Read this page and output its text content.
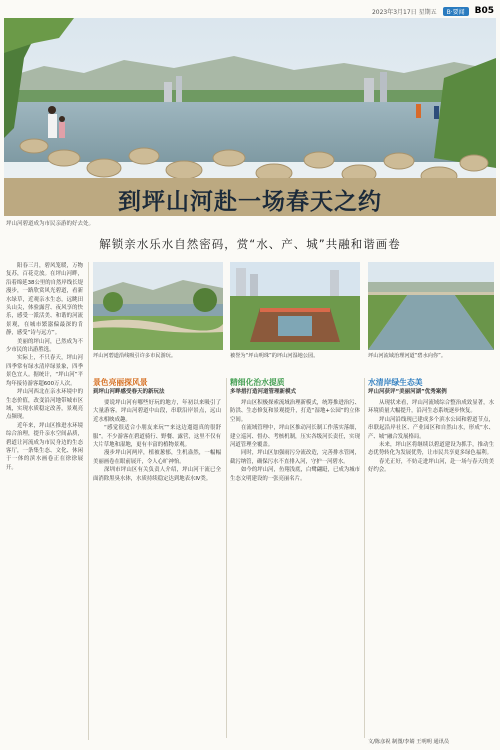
2023年3月17日 星期五	B·要闻	B05
坪山河碧道成为市民亲游的好去处。
到坪山河赴一场春天之约
解锁亲水乐水自然密码，赏“水、产、城”共融和谐画卷

阳春三月，碧风笼暖，万物复苏，百花竞放。在坪山河畔，沿着绵延38公里的自然岸线长堤漫步，一路欣赏风光碧道，看新水绿草，近观亲水生态，远眺田头山尖，体验露营、夜风享的快乐，感受一派活美、和谐的河流景观，在城市繁嚣偏最深的肯静，感受“诗与远方”。

美丽的坪山河，已然成为不少市民的出游胜选。

实际上，不只春天，坪山河四季常有绿水清岸绿景象，四季景色宜人。据统计，“坪山河”平均年接待游客超600万人次。

坪山河西北在亲水环境中的生态价值，改变沿河地带城市区域，实现水质稳定改善，景观亮点频现。

近年来，坪山区推进水环境综合治理，提升亲水空间品质，碧道让河流成为市民身边的生态客厅，一条集生态、文化、休闲于一体的滨水画卷正在徐徐展开。

坪山河碧道沿线吸引许多市民游玩。	被誉为“坪山明珠”的坪山河湿地公园。	坪山河流域治理河道“碧水向你”。
景色亮丽探风景
到坪山河畔感受春天的新玩法

要说坪山河有哪些好玩的地方，年初以来吸引了大量游客。坪山河碧道中山段，串联沿岸景点，远山近水相映成趣。

“感觉很适合小朋友来玩”“来这边遛遛真的很舒服”。不少游客在碧道骑行、野餐、露营，这里不仅有大片草地和湿地，更有丰富的植物景观。

漫步坪山河两岸，植被葱郁，生机盎然，一幅幅美丽画卷在眼前展开，令人心旷神怡。

深圳市坪山区有关负责人介绍，坪山河干流已全面消除黑臭水体，水质持续稳定达到地表水Ⅳ类。

精细化治水提质
多举措打造河道管理新模式

坪山区积极探索流域治理新模式，统筹推进治污、防洪、生态修复和景观提升，打造“湿地+公园”的立体空间。

在流域管理中，坪山区推动河长制工作落实落细，建立巡河、督办、考核机制，压实各级河长责任，实现河道管理全覆盖。

同时，坪山区加强雨污分流改造，完善排水管网，截污纳管，确保污水不直排入河，守护一河碧水。

如今的坪山河，鱼翔浅底，白鹭翩跹，已成为城市生态文明建设的一张亮丽名片。

水清岸绿生态美
坪山河获评“美丽河湖”优秀案例

从现状来看，坪山河流域综合整治成效显著，水环境质量大幅提升，沿河生态系统逐步恢复。

坪山河沿线现已建成多个滨水公园和碧道节点，串联起沿岸社区、产业园区和自然山水，形成“水、产、城”融合发展格局。

未来，坪山区将继续以碧道建设为抓手，推动生态优势转化为发展优势，让市民共享更多绿色福利。

春光正好，不妨走进坪山河，赴一场与春天的美好约会。

文/陈彦祝 制图/李婧 王明明 通讯员
